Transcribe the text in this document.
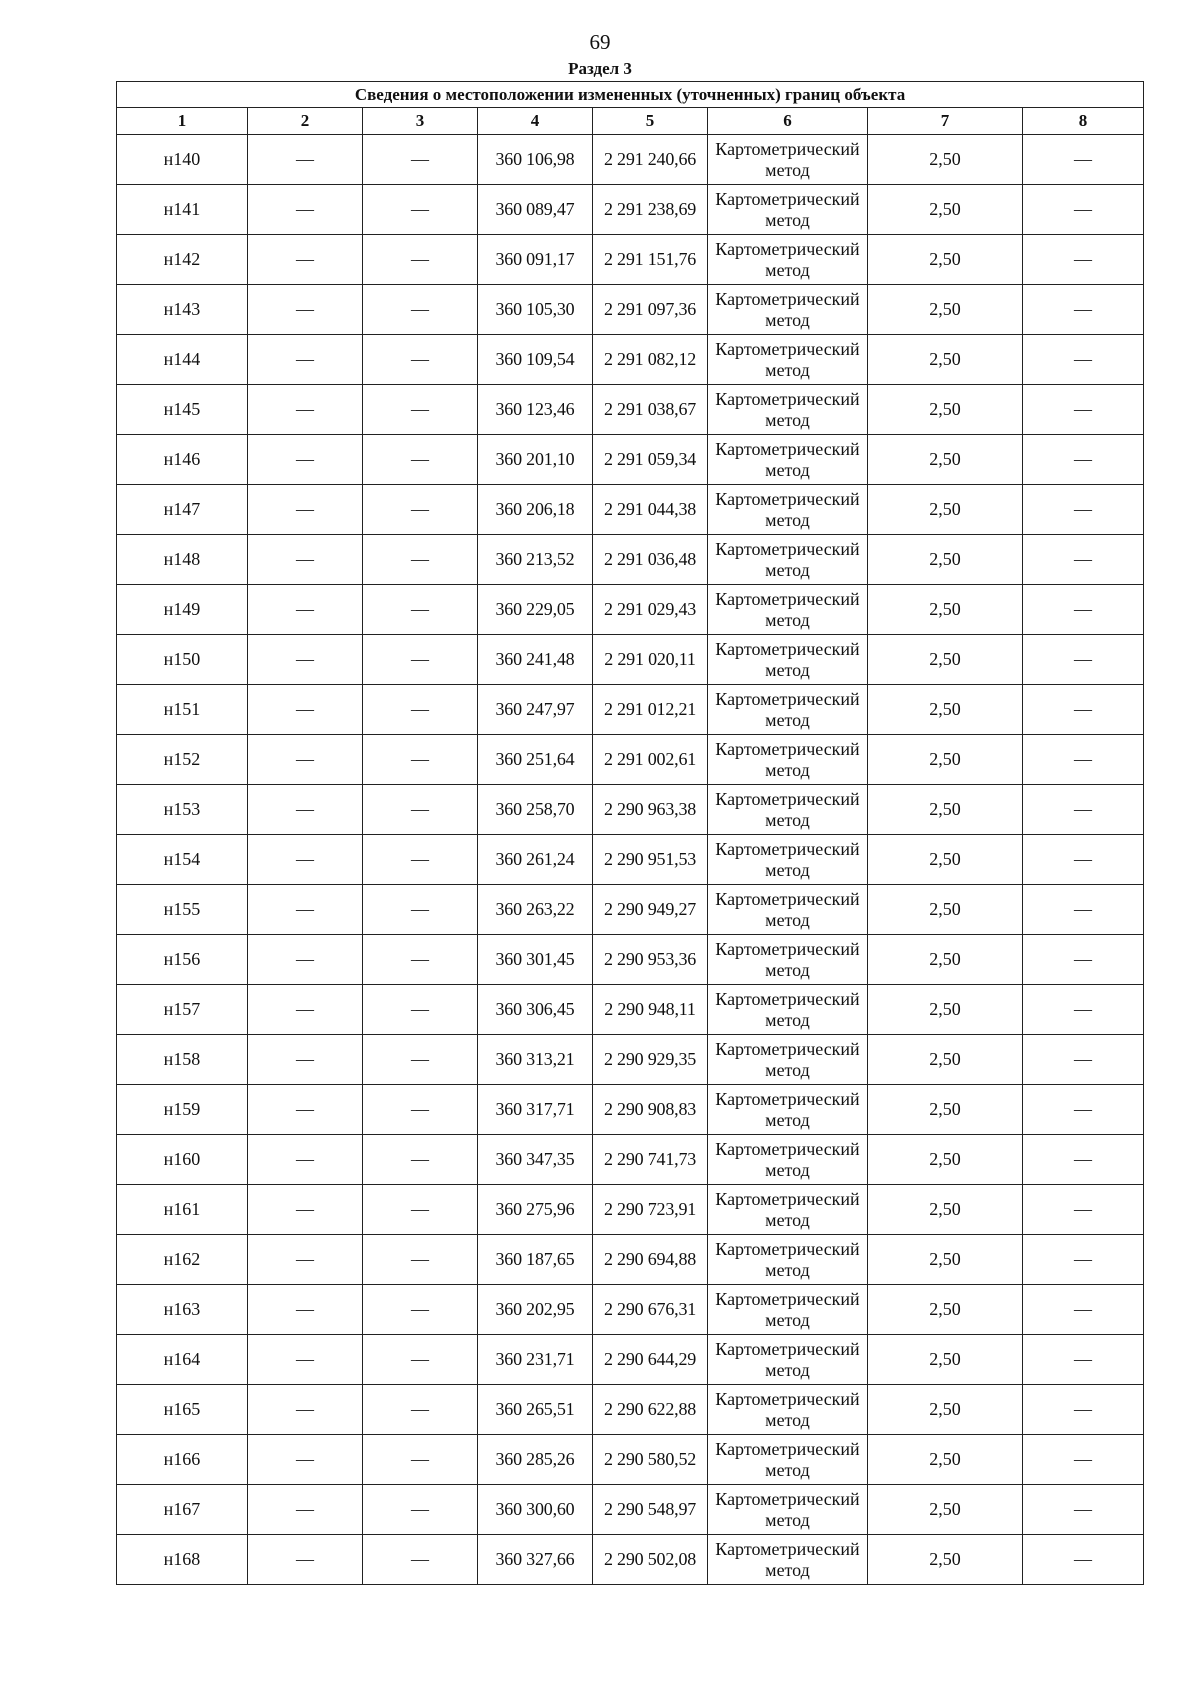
69
Раздел 3
Сведения о местоположении измененных (уточненных) границ объекта							
1	2	3	4	5	6	7	8
н140	—	—	360 106,98	2 291 240,66	Картометрический метод	2,50	—
н141	—	—	360 089,47	2 291 238,69	Картометрический метод	2,50	—
н142	—	—	360 091,17	2 291 151,76	Картометрический метод	2,50	—
н143	—	—	360 105,30	2 291 097,36	Картометрический метод	2,50	—
н144	—	—	360 109,54	2 291 082,12	Картометрический метод	2,50	—
н145	—	—	360 123,46	2 291 038,67	Картометрический метод	2,50	—
н146	—	—	360 201,10	2 291 059,34	Картометрический метод	2,50	—
н147	—	—	360 206,18	2 291 044,38	Картометрический метод	2,50	—
н148	—	—	360 213,52	2 291 036,48	Картометрический метод	2,50	—
н149	—	—	360 229,05	2 291 029,43	Картометрический метод	2,50	—
н150	—	—	360 241,48	2 291 020,11	Картометрический метод	2,50	—
н151	—	—	360 247,97	2 291 012,21	Картометрический метод	2,50	—
н152	—	—	360 251,64	2 291 002,61	Картометрический метод	2,50	—
н153	—	—	360 258,70	2 290 963,38	Картометрический метод	2,50	—
н154	—	—	360 261,24	2 290 951,53	Картометрический метод	2,50	—
н155	—	—	360 263,22	2 290 949,27	Картометрический метод	2,50	—
н156	—	—	360 301,45	2 290 953,36	Картометрический метод	2,50	—
н157	—	—	360 306,45	2 290 948,11	Картометрический метод	2,50	—
н158	—	—	360 313,21	2 290 929,35	Картометрический метод	2,50	—
н159	—	—	360 317,71	2 290 908,83	Картометрический метод	2,50	—
н160	—	—	360 347,35	2 290 741,73	Картометрический метод	2,50	—
н161	—	—	360 275,96	2 290 723,91	Картометрический метод	2,50	—
н162	—	—	360 187,65	2 290 694,88	Картометрический метод	2,50	—
н163	—	—	360 202,95	2 290 676,31	Картометрический метод	2,50	—
н164	—	—	360 231,71	2 290 644,29	Картометрический метод	2,50	—
н165	—	—	360 265,51	2 290 622,88	Картометрический метод	2,50	—
н166	—	—	360 285,26	2 290 580,52	Картометрический метод	2,50	—
н167	—	—	360 300,60	2 290 548,97	Картометрический метод	2,50	—
н168	—	—	360 327,66	2 290 502,08	Картометрический метод	2,50	—
